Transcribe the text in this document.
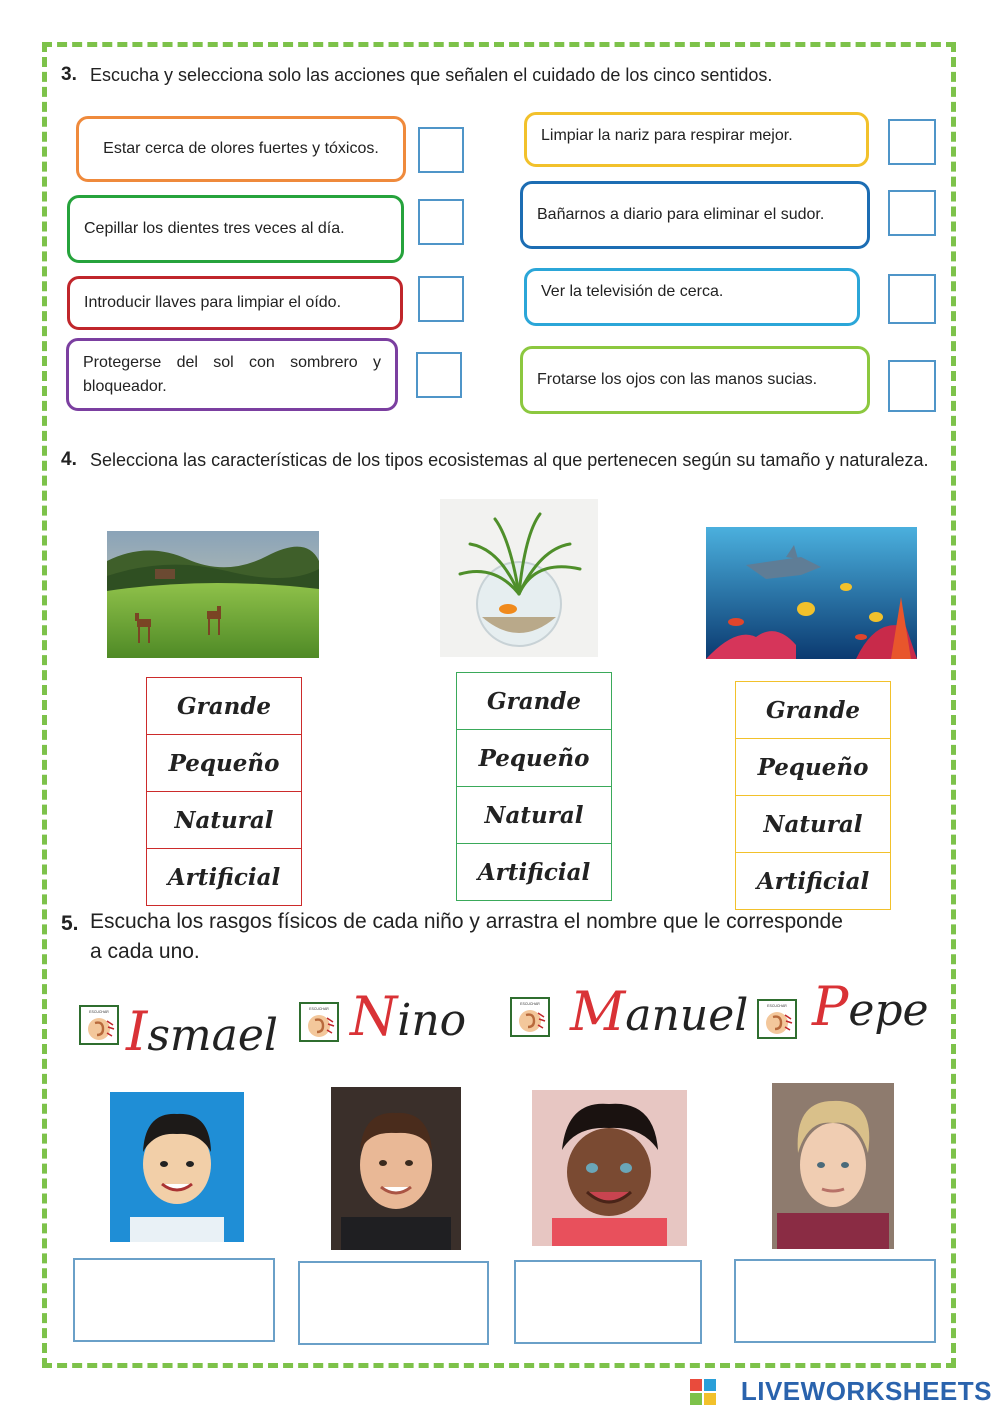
3. Escucha y selecciona solo las acciones que señalen el cuidado de los cinco sentidos.
Estar cerca de olores fuertes y tóxicos.
Cepillar los dientes tres veces al día.
Introducir llaves para limpiar el oído.
Protegerse del sol con sombrero y bloqueador.
Limpiar la nariz para respirar mejor.
Bañarnos a diario para eliminar el sudor.
Ver la televisión de cerca.
Frotarse los ojos con las manos sucias.
4. Selecciona las características de los tipos ecosistemas al que pertenecen según su tamaño y naturaleza.
Grande
Pequeño
Natural
Artificial
Grande
Pequeño
Natural
Artificial
Grande
Pequeño
Natural
Artificial
5. Escucha los rasgos físicos de cada niño y arrastra el nombre que le corresponde a cada uno.
ESCUCHAR
ESCUCHAR
ESCUCHAR	ESCUCHAR
Ismael Nino Manuel Pepe
LIVEWORKSHEETS
